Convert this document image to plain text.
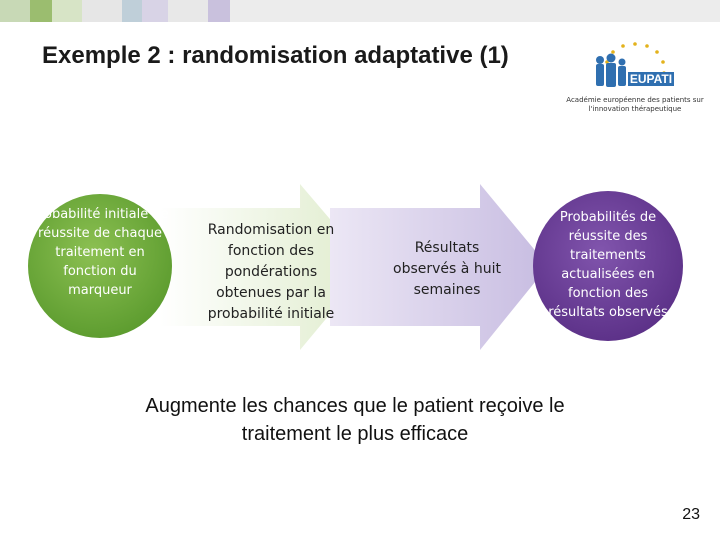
Exemple 2 : randomisation adaptative (1)
EUPATI
Académie européenne des patients sur l'innovation thérapeutique
Probabilité initiale de réussite de chaque traitement en fonction du marqueur
Randomisation en fonction des pondérations obtenues par la probabilité initiale
Résultats observés à huit semaines
Probabilités de réussite des traitements actualisées en fonction des résultats observés
Augmente les chances que le patient reçoive le traitement le plus efficace
23
